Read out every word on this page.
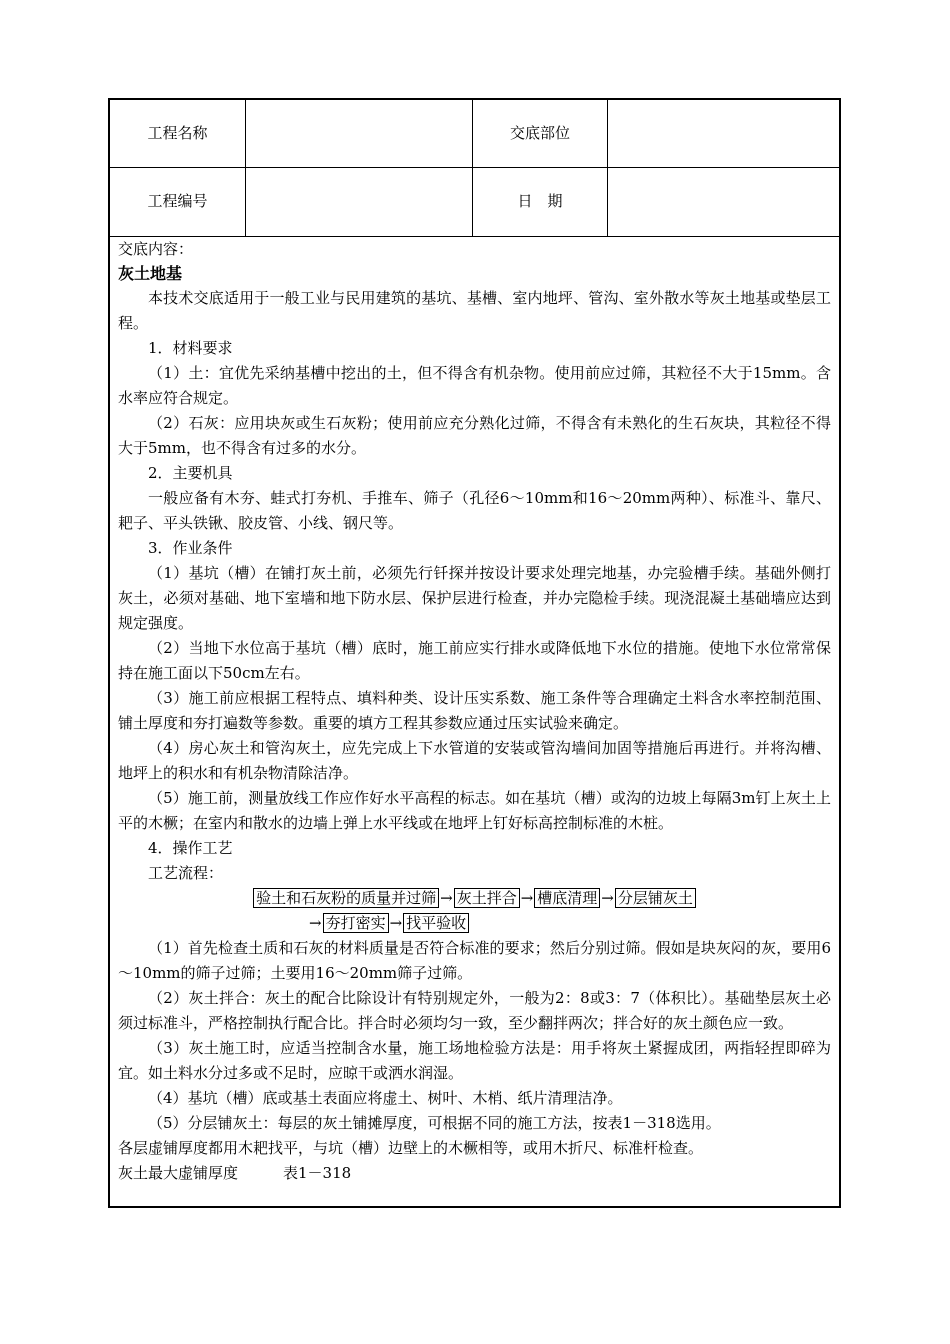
工程名称	交底部位
工程编号	日　期

交底内容：

灰土地基

本技术交底适用于一般工业与民用建筑的基坑、基槽、室内地坪、管沟、室外散水等灰土地基或垫层工程。

1．材料要求

（1）土：宜优先采纳基槽中挖出的土，但不得含有机杂物。使用前应过筛，其粒径不大于15mm。含水率应符合规定。

（2）石灰：应用块灰或生石灰粉；使用前应充分熟化过筛，不得含有未熟化的生石灰块，其粒径不得大于5mm，也不得含有过多的水分。

2．主要机具

一般应备有木夯、蛙式打夯机、手推车、筛子（孔径6～10mm和16～20mm两种）、标准斗、靠尺、耙子、平头铁锹、胶皮管、小线、钢尺等。

3．作业条件

（1）基坑（槽）在铺打灰土前，必须先行钎探并按设计要求处理完地基，办完验槽手续。基础外侧打灰土，必须对基础、地下室墙和地下防水层、保护层进行检查，并办完隐检手续。现浇混凝土基础墙应达到规定强度。

（2）当地下水位高于基坑（槽）底时，施工前应实行排水或降低地下水位的措施。使地下水位常常保持在施工面以下50cm左右。

（3）施工前应根据工程特点、填料种类、设计压实系数、施工条件等合理确定土料含水率控制范围、铺土厚度和夯打遍数等参数。重要的填方工程其参数应通过压实试验来确定。

（4）房心灰土和管沟灰土，应先完成上下水管道的安装或管沟墙间加固等措施后再进行。并将沟槽、地坪上的积水和有机杂物清除洁净。

（5）施工前，测量放线工作应作好水平高程的标志。如在基坑（槽）或沟的边坡上每隔3m钉上灰土上平的木橛；在室内和散水的边墙上弹上水平线或在地坪上钉好标高控制标准的木桩。

4．操作工艺

工艺流程：

验土和石灰粉的质量并过筛 → 灰土拌合 → 槽底清理 → 分层铺灰土
→ 夯打密实 → 找平验收

（1）首先检查土质和石灰的材料质量是否符合标准的要求；然后分别过筛。假如是块灰闷的灰，要用6～10mm的筛子过筛；土要用16～20mm筛子过筛。

（2）灰土拌合：灰土的配合比除设计有特别规定外，一般为2：8或3：7（体积比）。基础垫层灰土必须过标准斗，严格控制执行配合比。拌合时必须均匀一致，至少翻拌两次；拌合好的灰土颜色应一致。

（3）灰土施工时，应适当控制含水量，施工场地检验方法是：用手将灰土紧握成团，两指轻捏即碎为宜。如土料水分过多或不足时，应晾干或洒水润湿。

（4）基坑（槽）底或基土表面应将虚土、树叶、木梢、纸片清理洁净。

（5）分层铺灰土：每层的灰土铺摊厚度，可根据不同的施工方法，按表1－318选用。

各层虚铺厚度都用木耙找平，与坑（槽）边壁上的木橛相等，或用木折尺、标准杆检查。

灰土最大虚铺厚度　　　表1－318
